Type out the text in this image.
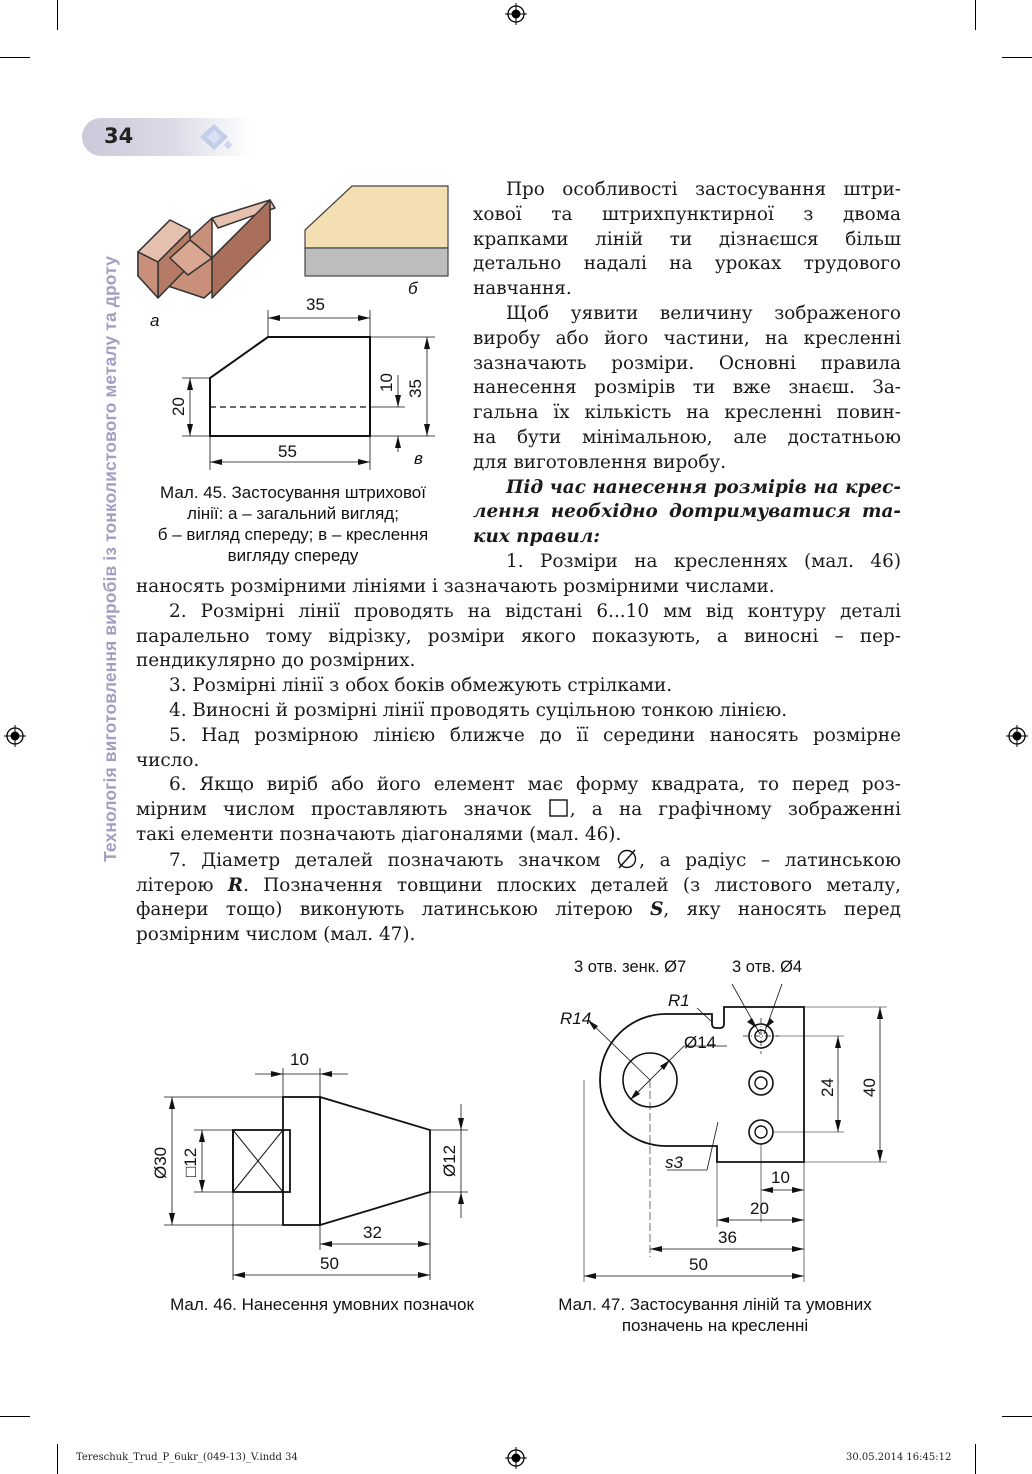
34
Технологія виготовлення виробів із тонколистового металу та дроту а
б
35
55
20
35
10
в
Мал. 45. Застосування штрихової
лінії: а – загальний вигляд;
б – вигляд спереду; в – креслення
вигляду спереду
Про особливості застосування штри-
хової та штрихпунктирної з двома
крапками ліній ти дізнаєшся більш
детально надалі на уроках трудового
навчання.
Щоб уявити величину зображеного
виробу або його частини, на кресленні
зазначають розміри. Основні правила
нанесення розмірів ти вже знаєш. За-
гальна їх кількість на кресленні повин-
на бути мінімальною, але достатньою
для виготовлення виробу.
Під час нанесення розмірів на крес-
лення необхідно дотримуватися та-
ких правил:
1. Розміри на кресленнях (мал. 46)
наносять розмірними лініями і зазначають розмірними числами.
2. Розмірні лінії проводять на відстані 6...10 мм від контуру деталі
паралельно тому відрізку, розміри якого показують, а виносні – пер-
пендикулярно до розмірних.
3. Розмірні лінії з обох боків обмежують стрілками.
4. Виносні й розмірні лінії проводять суцільною тонкою лінією.
5. Над розмірною лінією ближче до її середини наносять розмірне
число.
6. Якщо виріб або його елемент має форму квадрата, то перед роз-
мірним числом проставляють значок , а на графічному зображенні
такі елементи позначають діагоналями (мал. 46).
7. Діаметр деталей позначають значком , а радіус – латинською
літерою R. Позначення товщини плоских деталей (з листового металу,
фанери тощо) виконують латинською літерою S, яку наносять перед
розмірним числом (мал. 47).
10
Ø30 □12	Ø12
32
50
Мал. 46. Нанесення умовних позначок
3 отв. зенк. Ø7	3 отв. Ø4
R1
R14
Ø14
24 40
s3
10
20
36
50
Мал. 47. Застосування ліній та умовних
позначень на кресленні
Tereschuk_Trud_P_6ukr_(049-13)_V.indd 34	30.05.2014 16:45:12
